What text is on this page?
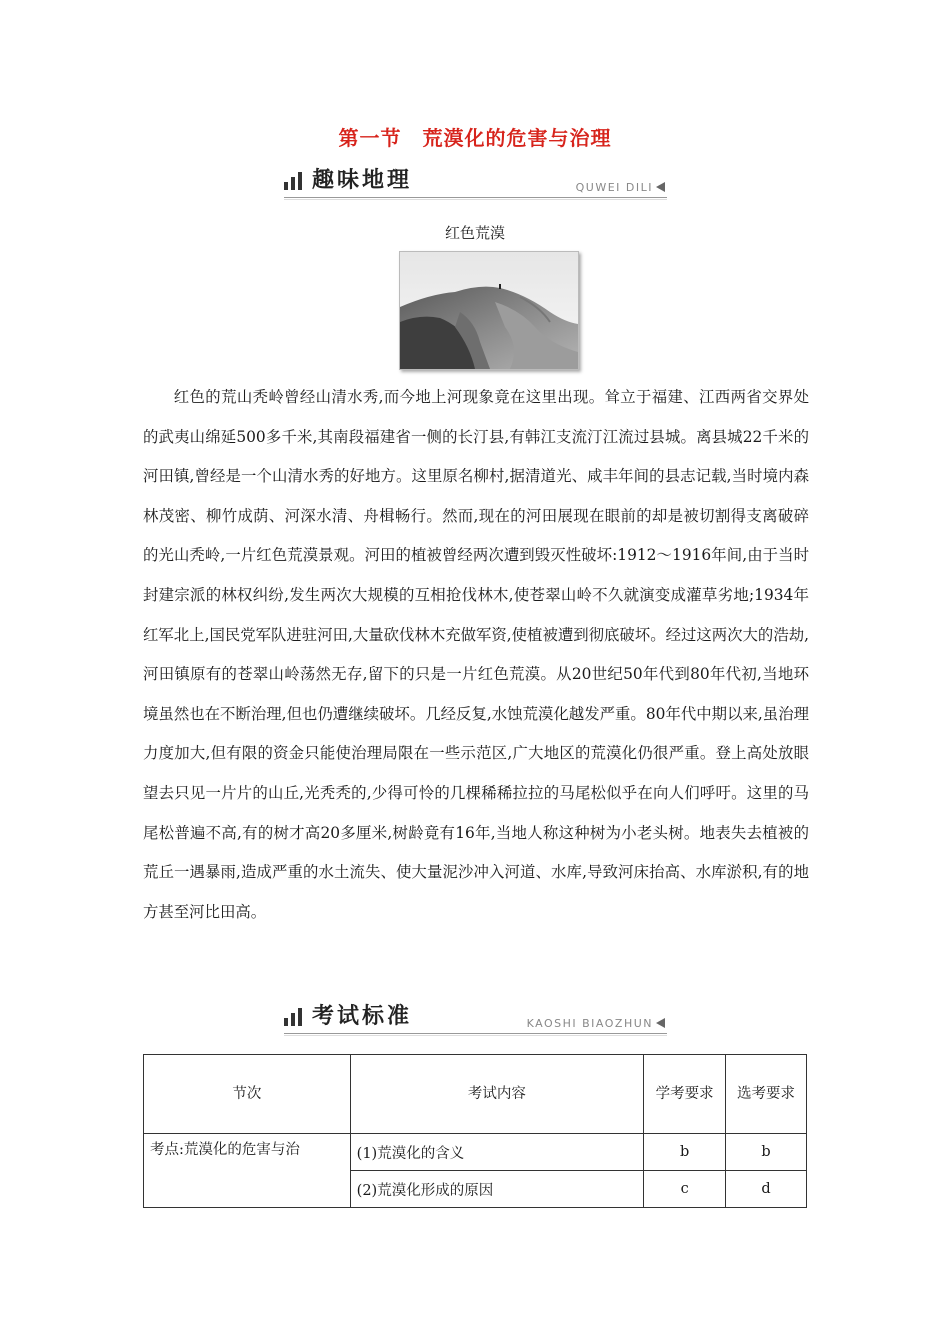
第一节　荒漠化的危害与治理
趣味地理	QUWEI DILI
红色荒漠

红色的荒山秃岭曾经山清水秀,而今地上河现象竟在这里出现。耸立于福建、江西两省交界处的武夷山绵延500多千米,其南段福建省一侧的长汀县,有韩江支流汀江流过县城。离县城22千米的河田镇,曾经是一个山清水秀的好地方。这里原名柳村,据清道光、咸丰年间的县志记载,当时境内森林茂密、柳竹成荫、河深水清、舟楫畅行。然而,现在的河田展现在眼前的却是被切割得支离破碎的光山秃岭,一片红色荒漠景观。河田的植被曾经两次遭到毁灭性破坏:1912～1916年间,由于当时封建宗派的林权纠纷,发生两次大规模的互相抢伐林木,使苍翠山岭不久就演变成灌草劣地;1934年红军北上,国民党军队进驻河田,大量砍伐林木充做军资,使植被遭到彻底破坏。经过这两次大的浩劫,河田镇原有的苍翠山岭荡然无存,留下的只是一片红色荒漠。从20世纪50年代到80年代初,当地环境虽然也在不断治理,但也仍遭继续破坏。几经反复,水蚀荒漠化越发严重。80年代中期以来,虽治理力度加大,但有限的资金只能使治理局限在一些示范区,广大地区的荒漠化仍很严重。登上高处放眼望去只见一片片的山丘,光秃秃的,少得可怜的几棵稀稀拉拉的马尾松似乎在向人们呼吁。这里的马尾松普遍不高,有的树才高20多厘米,树龄竟有16年,当地人称这种树为小老头树。地表失去植被的荒丘一遇暴雨,造成严重的水土流失、使大量泥沙冲入河道、水库,导致河床抬高、水库淤积,有的地方甚至河比田高。

考试标准	KAOSHI BIAOZHUN
节次	考试内容	学考要求	选考要求
考点:荒漠化的危害与治	(1)荒漠化的含义	b	b
	(2)荒漠化形成的原因	c	d
